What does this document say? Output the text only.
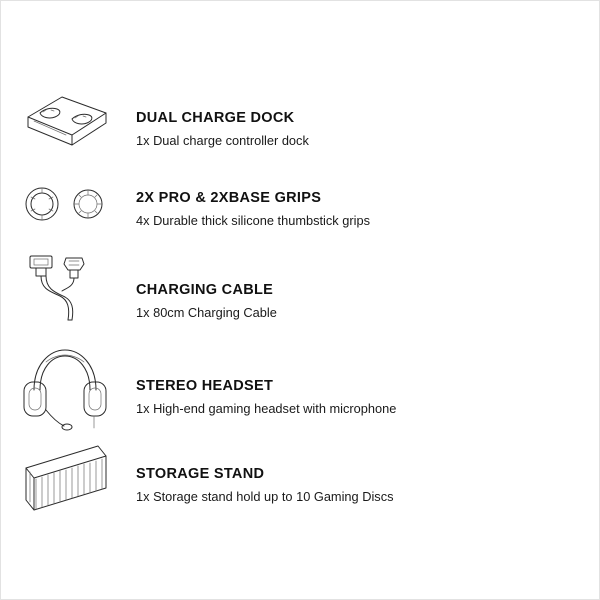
DUAL CHARGE DOCK

1x Dual charge controller dock

2X PRO & 2XBASE GRIPS

4x Durable thick silicone thumbstick grips

CHARGING CABLE

1x 80cm Charging Cable

STEREO HEADSET

1x High-end gaming headset with microphone

STORAGE STAND

1x Storage stand hold up to 10 Gaming Discs
